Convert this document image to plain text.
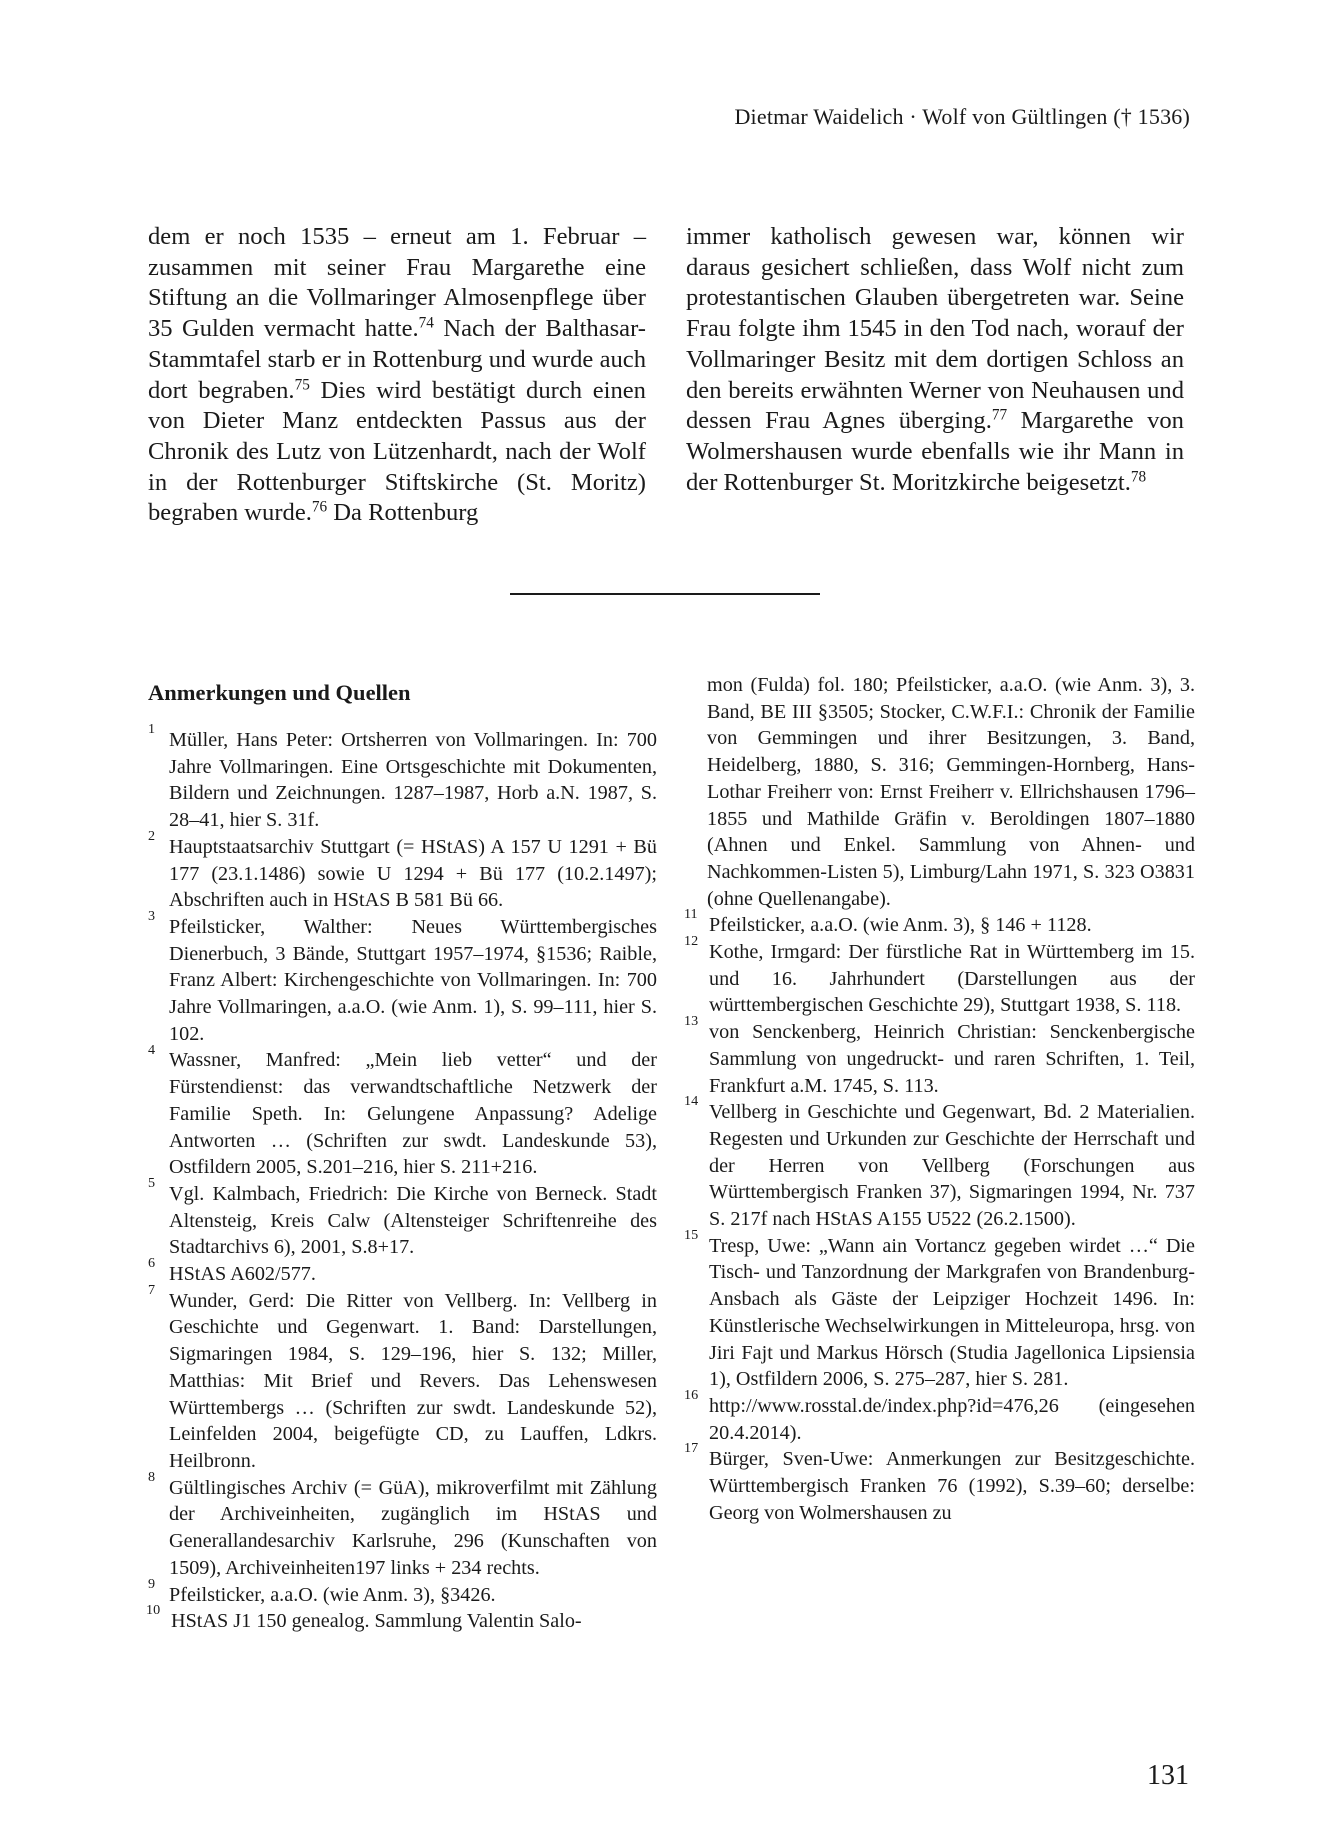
Dietmar Waidelich · Wolf von Gültlingen († 1536)

dem er noch 1535 – erneut am 1. Februar – zusammen mit seiner Frau Margarethe eine Stiftung an die Vollmaringer Almosenpflege über 35 Gulden vermacht hatte.$^{74}$ Nach der Balthasar-Stammtafel starb er in Rottenburg und wurde auch dort begraben.$^{75}$ Dies wird bestätigt durch einen von Dieter Manz entdeckten Passus aus der Chronik des Lutz von Lützenhardt, nach der Wolf in der Rottenburger Stiftskirche (St. Moritz) begraben wurde.$^{76}$ Da Rottenburg

immer katholisch gewesen war, können wir daraus gesichert schließen, dass Wolf nicht zum protestantischen Glauben übergetreten war. Seine Frau folgte ihm 1545 in den Tod nach, worauf der Vollmaringer Besitz mit dem dortigen Schloss an den bereits erwähnten Werner von Neuhausen und dessen Frau Agnes überging.$^{77}$ Margarethe von Wolmershausen wurde ebenfalls wie ihr Mann in der Rottenburger St. Moritzkirche beigesetzt.$^{78}$

Anmerkungen und Quellen
1 Müller, Hans Peter: Ortsherren von Vollmaringen. In: 700 Jahre Vollmaringen. Eine Ortsgeschichte mit Dokumenten, Bildern und Zeichnungen. 1287–1987, Horb a.N. 1987, S. 28–41, hier S. 31f.
2 Hauptstaatsarchiv Stuttgart (= HStAS) A 157 U 1291 + Bü 177 (23.1.1486) sowie U 1294 + Bü 177 (10.2.1497); Abschriften auch in HStAS B 581 Bü 66.
3 Pfeilsticker, Walther: Neues Württembergisches Dienerbuch, 3 Bände, Stuttgart 1957–1974, §1536; Raible, Franz Albert: Kirchengeschichte von Vollmaringen. In: 700 Jahre Vollmaringen, a.a.O. (wie Anm. 1), S. 99–111, hier S. 102.
4 Wassner, Manfred: „Mein lieb vetter“ und der Fürstendienst: das verwandtschaftliche Netzwerk der Familie Speth. In: Gelungene Anpassung? Adelige Antworten … (Schriften zur swdt. Landeskunde 53), Ostfildern 2005, S.201–216, hier S. 211+216.
5 Vgl. Kalmbach, Friedrich: Die Kirche von Berneck. Stadt Altensteig, Kreis Calw (Altensteiger Schriftenreihe des Stadtarchivs 6), 2001, S.8+17.
6 HStAS A602/577.
7 Wunder, Gerd: Die Ritter von Vellberg. In: Vellberg in Geschichte und Gegenwart. 1. Band: Darstellungen, Sigmaringen 1984, S. 129–196, hier S. 132; Miller, Matthias: Mit Brief und Revers. Das Lehenswesen Württembergs … (Schriften zur swdt. Landeskunde 52), Leinfelden 2004, beigefügte CD, zu Lauffen, Ldkrs. Heilbronn.
8 Gültlingisches Archiv (= GüA), mikroverfilmt mit Zählung der Archiveinheiten, zugänglich im HStAS und Generallandesarchiv Karlsruhe, 296 (Kunschaften von 1509), Archiveinheiten197 links + 234 rechts.
9 Pfeilsticker, a.a.O. (wie Anm. 3), §3426.
10 HStAS J1 150 genealog. Sammlung Valentin Salo-
mon (Fulda) fol. 180; Pfeilsticker, a.a.O. (wie Anm. 3), 3. Band, BE III §3505; Stocker, C.W.F.I.: Chronik der Familie von Gemmingen und ihrer Besitzungen, 3. Band, Heidelberg, 1880, S. 316; Gemmingen-Hornberg, Hans-Lothar Freiherr von: Ernst Freiherr v. Ellrichshausen 1796–1855 und Mathilde Gräfin v. Beroldingen 1807–1880 (Ahnen und Enkel. Sammlung von Ahnen- und Nachkommen-Listen 5), Limburg/Lahn 1971, S. 323 O3831 (ohne Quellenangabe).
11 Pfeilsticker, a.a.O. (wie Anm. 3), § 146 + 1128.
12 Kothe, Irmgard: Der fürstliche Rat in Württemberg im 15. und 16. Jahrhundert (Darstellungen aus der württembergischen Geschichte 29), Stuttgart 1938, S. 118.
13 von Senckenberg, Heinrich Christian: Senckenbergische Sammlung von ungedruckt- und raren Schriften, 1. Teil, Frankfurt a.M. 1745, S. 113.
14 Vellberg in Geschichte und Gegenwart, Bd. 2 Materialien. Regesten und Urkunden zur Geschichte der Herrschaft und der Herren von Vellberg (Forschungen aus Württembergisch Franken 37), Sigmaringen 1994, Nr. 737 S. 217f nach HStAS A155 U522 (26.2.1500).
15 Tresp, Uwe: „Wann ain Vortancz gegeben wirdet …“ Die Tisch- und Tanzordnung der Markgrafen von Brandenburg-Ansbach als Gäste der Leipziger Hochzeit 1496. In: Künstlerische Wechselwirkungen in Mitteleuropa, hrsg. von Jiri Fajt und Markus Hörsch (Studia Jagellonica Lipsiensia 1), Ostfildern 2006, S. 275–287, hier S. 281.
16 http://www.rosstal.de/index.php?id=476,26 (eingesehen 20.4.2014).
17 Bürger, Sven-Uwe: Anmerkungen zur Besitzgeschichte. Württembergisch Franken 76 (1992), S.39–60; derselbe: Georg von Wolmershausen zu
131
